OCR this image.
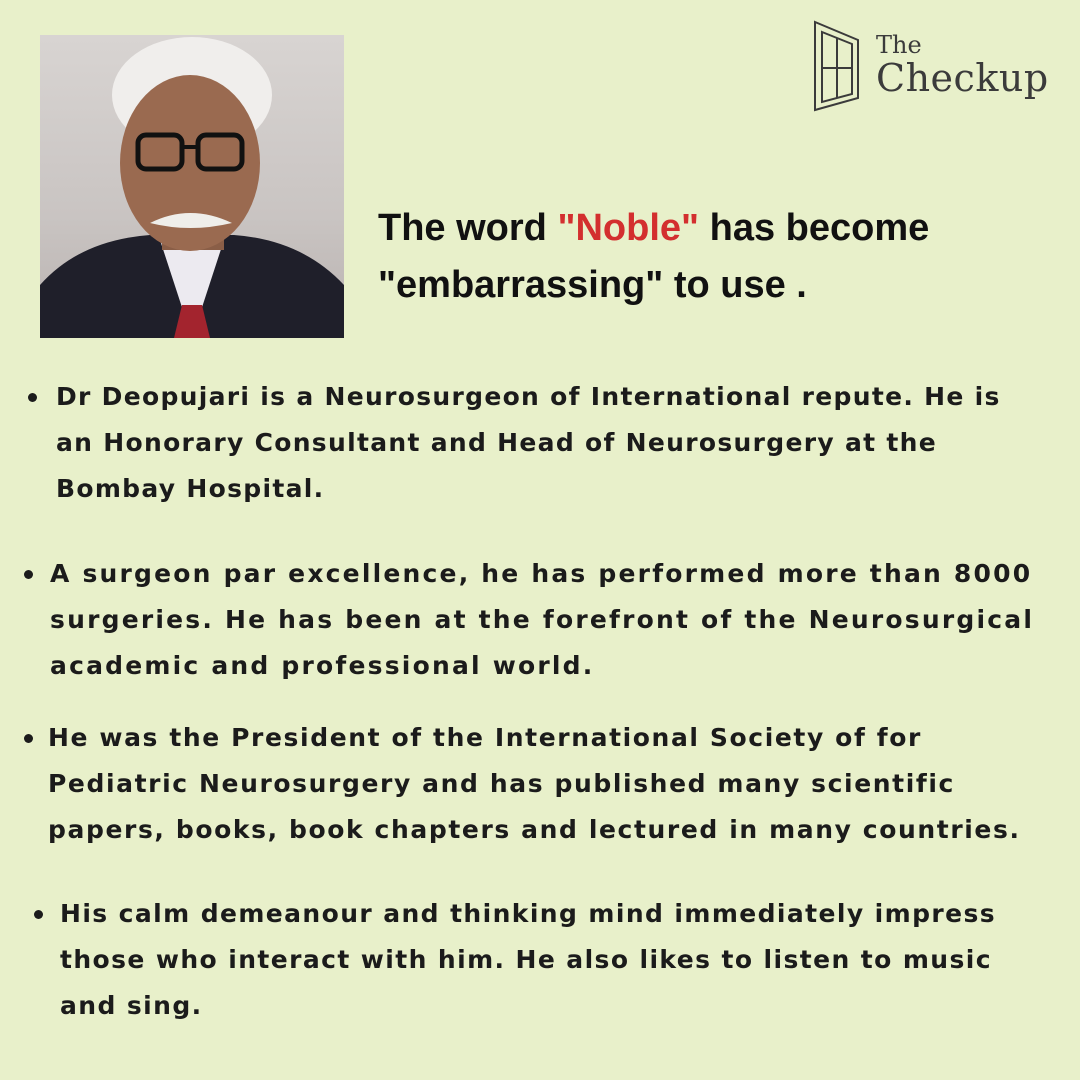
The
Checkup
The word "Noble" has become "embarrassing" to use .
Dr Deopujari is a Neurosurgeon of International repute. He is
an Honorary Consultant and Head of Neurosurgery at the
Bombay Hospital.
A surgeon par excellence, he has performed more than 8000
surgeries. He has been at the forefront of the Neurosurgical
academic and professional world.
He was the President of the International Society of for
Pediatric Neurosurgery and has published many scientific
papers, books, book chapters and lectured in many countries.
His calm demeanour and thinking mind immediately impress
those who interact with him. He also likes to listen to music
and sing.
